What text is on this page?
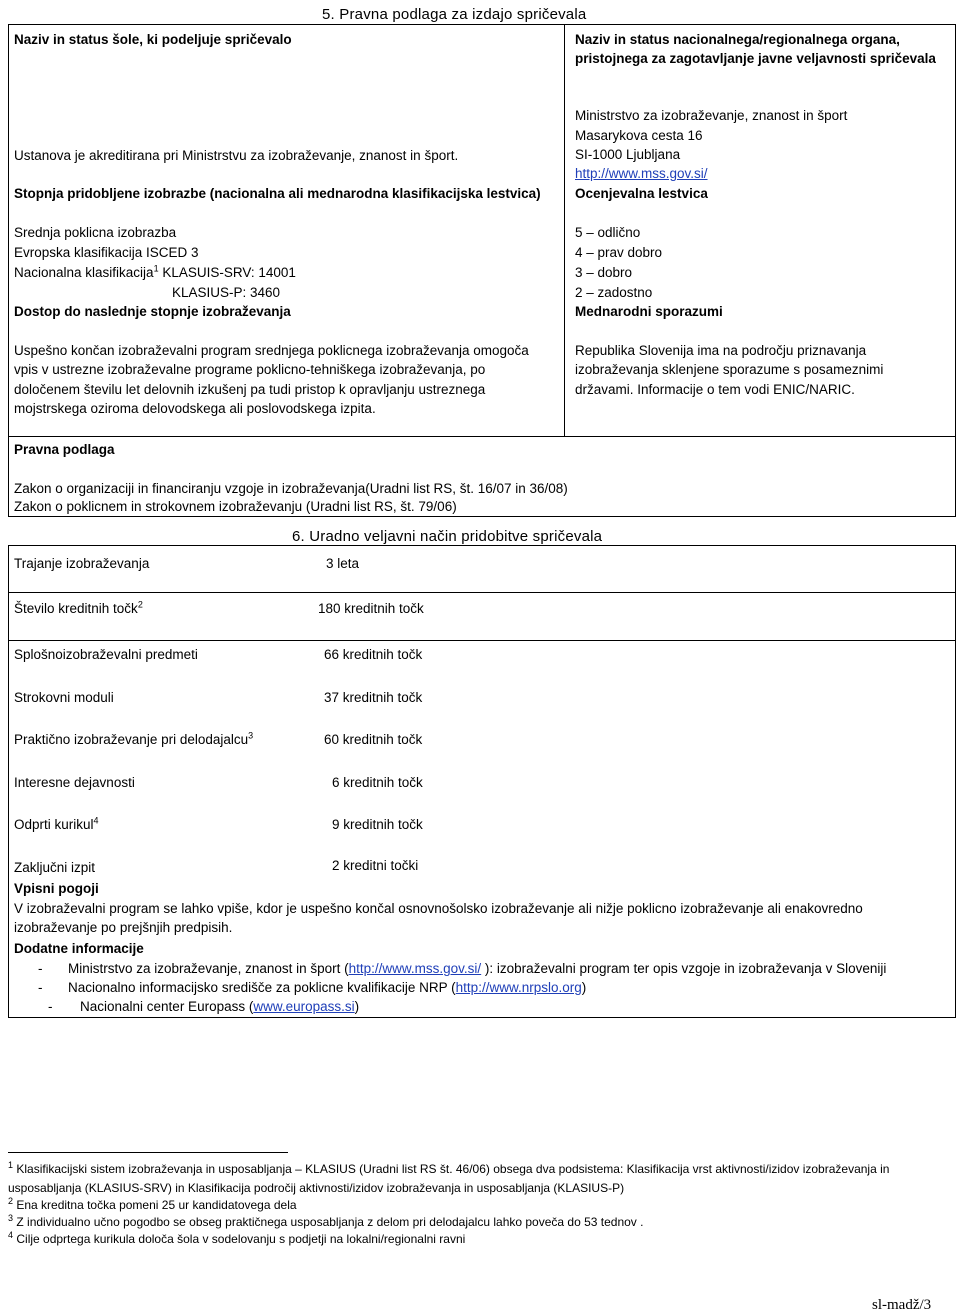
5. Pravna podlaga za izdajo spričevala
Naziv in status šole, ki podeljuje spričevalo
Ustanova je akreditirana pri Ministrstvu za izobraževanje, znanost in šport.
Stopnja pridobljene izobrazbe (nacionalna ali mednarodna klasifikacijska lestvica)
Srednja poklicna izobrazba
Evropska klasifikacija ISCED 3
Nacionalna klasifikacija$^1$ KLASUIS-SRV: 14001
KLASIUS-P: 3460
Dostop do naslednje stopnje izobraževanja
Uspešno končan izobraževalni program srednjega poklicnega izobraževanja omogoča
vpis v ustrezne izobraževalne programe poklicno-tehniškega izobraževanja, po
določenem številu let delovnih izkušenj pa tudi pristop k opravljanju ustreznega
mojstrskega oziroma delovodskega ali poslovodskega izpita.
Naziv in status nacionalnega/regionalnega organa, pristojnega za zagotavljanje javne veljavnosti spričevala
Ministrstvo za izobraževanje, znanost in šport
Masarykova cesta 16
SI-1000 Ljubljana
http://www.mss.gov.si/
Ocenjevalna lestvica
5 – odlično
4 – prav dobro
3 – dobro
2 – zadostno
Mednarodni sporazumi
Republika Slovenija ima na področju priznavanja
izobraževanja sklenjene sporazume s posameznimi
državami. Informacije o tem vodi ENIC/NARIC.
Pravna podlaga
Zakon o organizaciji in financiranju vzgoje in izobraževanja(Uradni list RS, št. 16/07 in 36/08)
Zakon o poklicnem in strokovnem izobraževanju (Uradni list RS, št. 79/06)
6. Uradno veljavni način pridobitve spričevala
Trajanje izobraževanja	3 leta
Število kreditnih točk$^2$	180 kreditnih točk
Splošnoizobraževalni predmeti	66 kreditnih točk
Strokovni moduli	37 kreditnih točk
Praktično izobraževanje pri delodajalcu$^3$	60 kreditnih točk
Interesne dejavnosti	6 kreditnih točk
Odprti kurikul$^4$	9 kreditnih točk
Zaključni izpit	2 kreditni točki
Vpisni pogoji
V izobraževalni program se lahko vpiše, kdor je uspešno končal osnovnošolsko izobraževanje ali nižje poklicno izobraževanje ali enakovredno
izobraževanje po prejšnjih predpisih.
Dodatne informacije
- Ministrstvo za izobraževanje, znanost in šport (http://www.mss.gov.si/ ): izobraževalni program ter opis vzgoje in izobraževanja v Sloveniji
- Nacionalno informacijsko središče za poklicne kvalifikacije NRP (http://www.nrpslo.org)
- Nacionalni center Europass (www.europass.si)
$^1$ Klasifikacijski sistem izobraževanja in usposabljanja – KLASIUS (Uradni list RS št. 46/06) obsega dva podsistema: Klasifikacija vrst aktivnosti/izidov izobraževanja in
usposabljanja (KLASIUS-SRV) in Klasifikacija področij aktivnosti/izidov izobraževanja in usposabljanja (KLASIUS-P)
$^2$ Ena kreditna točka pomeni 25 ur kandidatovega dela
$^3$ Z individualno učno pogodbo se obseg praktičnega usposabljanja z delom pri delodajalcu lahko poveča do 53 tednov .
$^4$ Cilje odprtega kurikula določa šola v sodelovanju s podjetji na lokalni/regionalni ravni
sl-madž/3
